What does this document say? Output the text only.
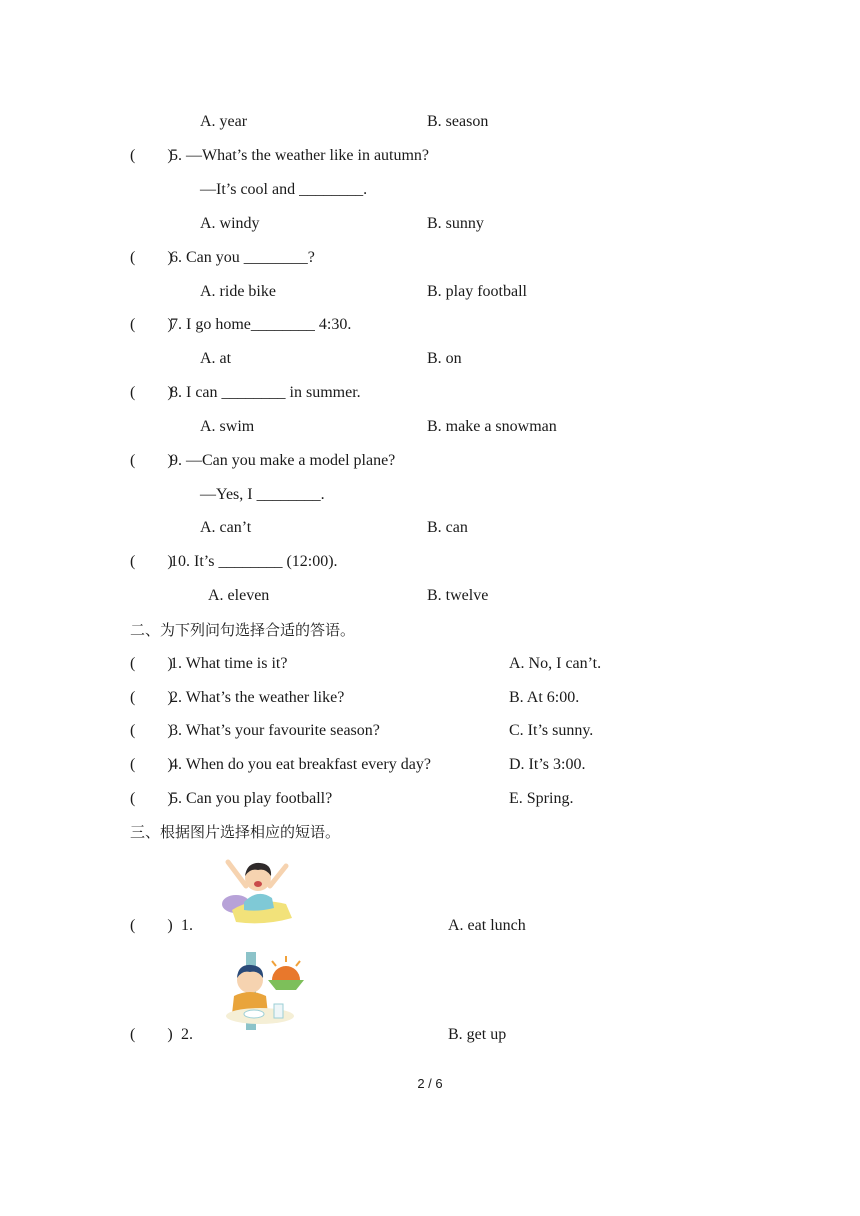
A. year	B. season
(        )
5. —What’s the weather like in autumn?
—It’s cool and ________.
A. windy	B. sunny
(        )
6. Can you ________?
A. ride bike	B. play football
(        )
7. I go home________ 4:30.
A. at	B. on
(        )
8. I can ________ in summer.
A. swim	B. make a snowman
(        )
9. —Can you make a model plane?
—Yes, I ________.
A. can’t	B. can
(        )
10. It’s ________ (12:00).
A. eleven	B. twelve
二、为下列问句选择合适的答语。
(        )
1. What time is it?	A. No, I can’t.
(        )
2. What’s the weather like?	B. At 6:00.
(        )
3. What’s your favourite season?	C. It’s sunny.
(        )
4. When do you eat breakfast every day?	D. It’s 3:00.
(        )
5. Can you play football?	E. Spring.
三、根据图片选择相应的短语。
(        ) 1.	A. eat lunch
(        ) 2.	B. get up
2 / 6
